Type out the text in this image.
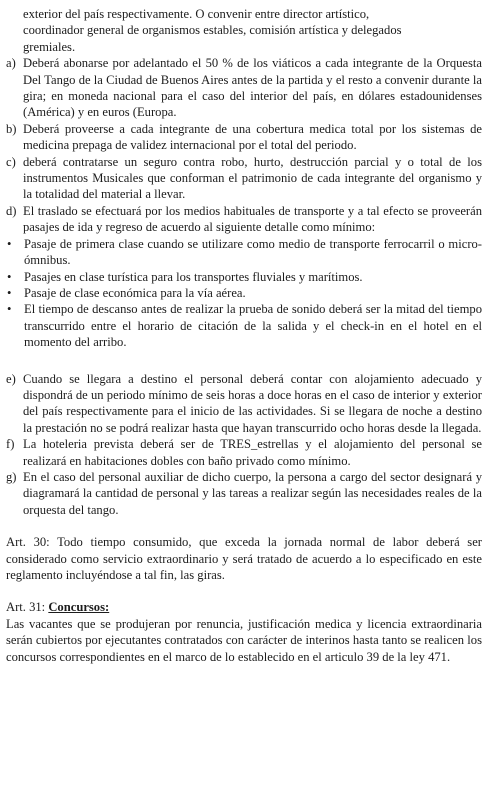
exterior del país respectivamente. O convenir entre director artístico,
coordinador general de organismos estables, comisión artística y delegados
gremiales.
a) Deberá abonarse por adelantado el 50 % de los viáticos a cada integrante de la Orquesta Del Tango de la Ciudad de Buenos Aires antes de la partida y el resto a convenir durante la gira; en moneda nacional para el caso del interior del país, en dólares estadounidenses (América) y en euros (Europa.
b) Deberá proveerse a cada integrante de una cobertura medica total por los sistemas de medicina prepaga de validez internacional por el total del periodo.
c) deberá contratarse un seguro contra robo, hurto, destrucción parcial y o total de los instrumentos Musicales que conforman el patrimonio de cada integrante del organismo y la totalidad del material a llevar.
d) El traslado se efectuará por los medios habituales de transporte y a tal efecto se proveerán pasajes de ida y regreso de acuerdo al siguiente detalle como mínimo:
• Pasaje de primera clase cuando se utilizare como medio de transporte ferrocarril o micro-ómnibus.
• Pasajes en clase turística para los transportes fluviales y marítimos.
• Pasaje de clase económica para la vía aérea.
• El tiempo de descanso antes de realizar la prueba de sonido deberá ser la mitad del tiempo transcurrido entre el horario de citación de la salida y el check-in en el hotel en el momento del arribo.
e) Cuando se llegara a destino el personal deberá contar con alojamiento adecuado y dispondrá de un periodo mínimo de seis horas a doce horas en el caso de interior y exterior del país respectivamente para el inicio de las actividades. Si se llegara de noche a destino la prestación no se podrá realizar hasta que hayan transcurrido ocho horas desde la llegada.
f) La hoteleria prevista deberá ser de TRES_estrellas y el alojamiento del personal se realizará en habitaciones dobles con baño privado como mínimo.
g) En el caso del personal auxiliar de dicho cuerpo, la persona a cargo del sector designará y diagramará la cantidad de personal y las tareas a realizar según las necesidades reales de la orquesta del tango.

Art. 30: Todo tiempo consumido, que exceda la jornada normal de labor deberá ser considerado como servicio extraordinario y será tratado de acuerdo a lo especificado en este reglamento incluyéndose a tal fin, las giras.

Art. 31: Concursos:

Las vacantes que se produjeran por renuncia, justificación medica y licencia extraordinaria serán cubiertos por ejecutantes contratados con carácter de interinos hasta tanto se realicen los concursos correspondientes en el marco de lo establecido en el articulo 39 de la ley 471.
